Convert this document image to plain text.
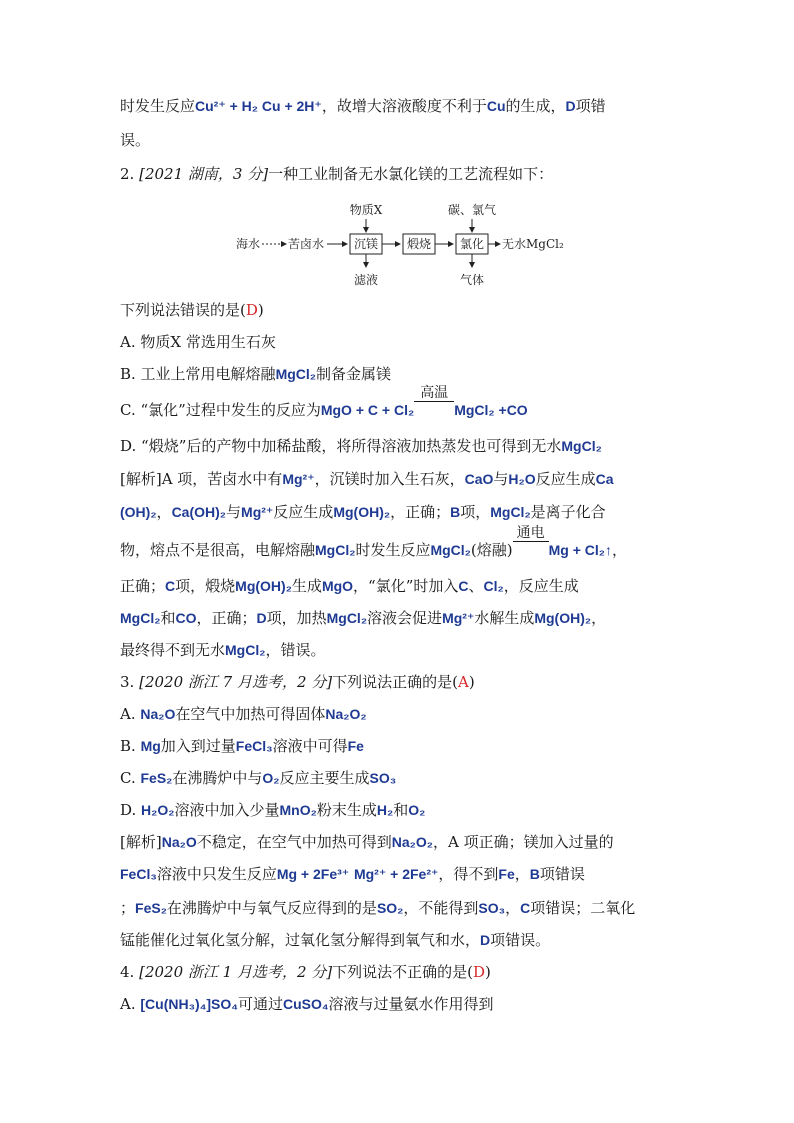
时发生反应Cu²⁺ + H₂ Cu + 2H⁺，故增大溶液酸度不利于Cu的生成，D项错
误。
2. [2021 湖南，3 分]一种工业制备无水氯化镁的工艺流程如下：
物质X	碳、氯气
海水 苦卤水 沉镁 煅烧 氯化 无水MgCl₂
滤液	气体
下列说法错误的是(D)
A. 物质X 常选用生石灰
B. 工业上常用电解熔融MgCl₂制备金属镁
C. “氯化”过程中发生的反应为MgO + C + Cl₂
高温
MgCl₂ +CO
D. “煅烧”后的产物中加稀盐酸，将所得溶液加热蒸发也可得到无水MgCl₂
[解析]A 项，苦卤水中有Mg²⁺，沉镁时加入生石灰，CaO与H₂O反应生成Ca
(OH)₂，Ca(OH)₂与Mg²⁺反应生成Mg(OH)₂，正确；B项，MgCl₂是离子化合
物，熔点不是很高，电解熔融MgCl₂时发生反应MgCl₂(熔融)
通电
Mg + Cl₂↑，
正确；C项，煅烧Mg(OH)₂生成MgO，“氯化”时加入C、Cl₂，反应生成
MgCl₂和CO，正确；D项，加热MgCl₂溶液会促进Mg²⁺水解生成Mg(OH)₂，
最终得不到无水MgCl₂，错误。
3. [2020 浙江 7 月选考，2 分]下列说法正确的是(A)
A. Na₂O在空气中加热可得固体Na₂O₂
B. Mg加入到过量FeCl₃溶液中可得Fe
C. FeS₂在沸腾炉中与O₂反应主要生成SO₃
D. H₂O₂溶液中加入少量MnO₂粉末生成H₂和O₂
[解析]Na₂O不稳定，在空气中加热可得到Na₂O₂，A 项正确；镁加入过量的
FeCl₃溶液中只发生反应Mg + 2Fe³⁺ Mg²⁺ + 2Fe²⁺，得不到Fe，B项错误
；FeS₂在沸腾炉中与氧气反应得到的是SO₂，不能得到SO₃，C项错误；二氧化
锰能催化过氧化氢分解，过氧化氢分解得到氧气和水，D项错误。
4. [2020 浙江 1 月选考，2 分]下列说法不正确的是(D)
A. [Cu(NH₃)₄]SO₄可通过CuSO₄溶液与过量氨水作用得到
